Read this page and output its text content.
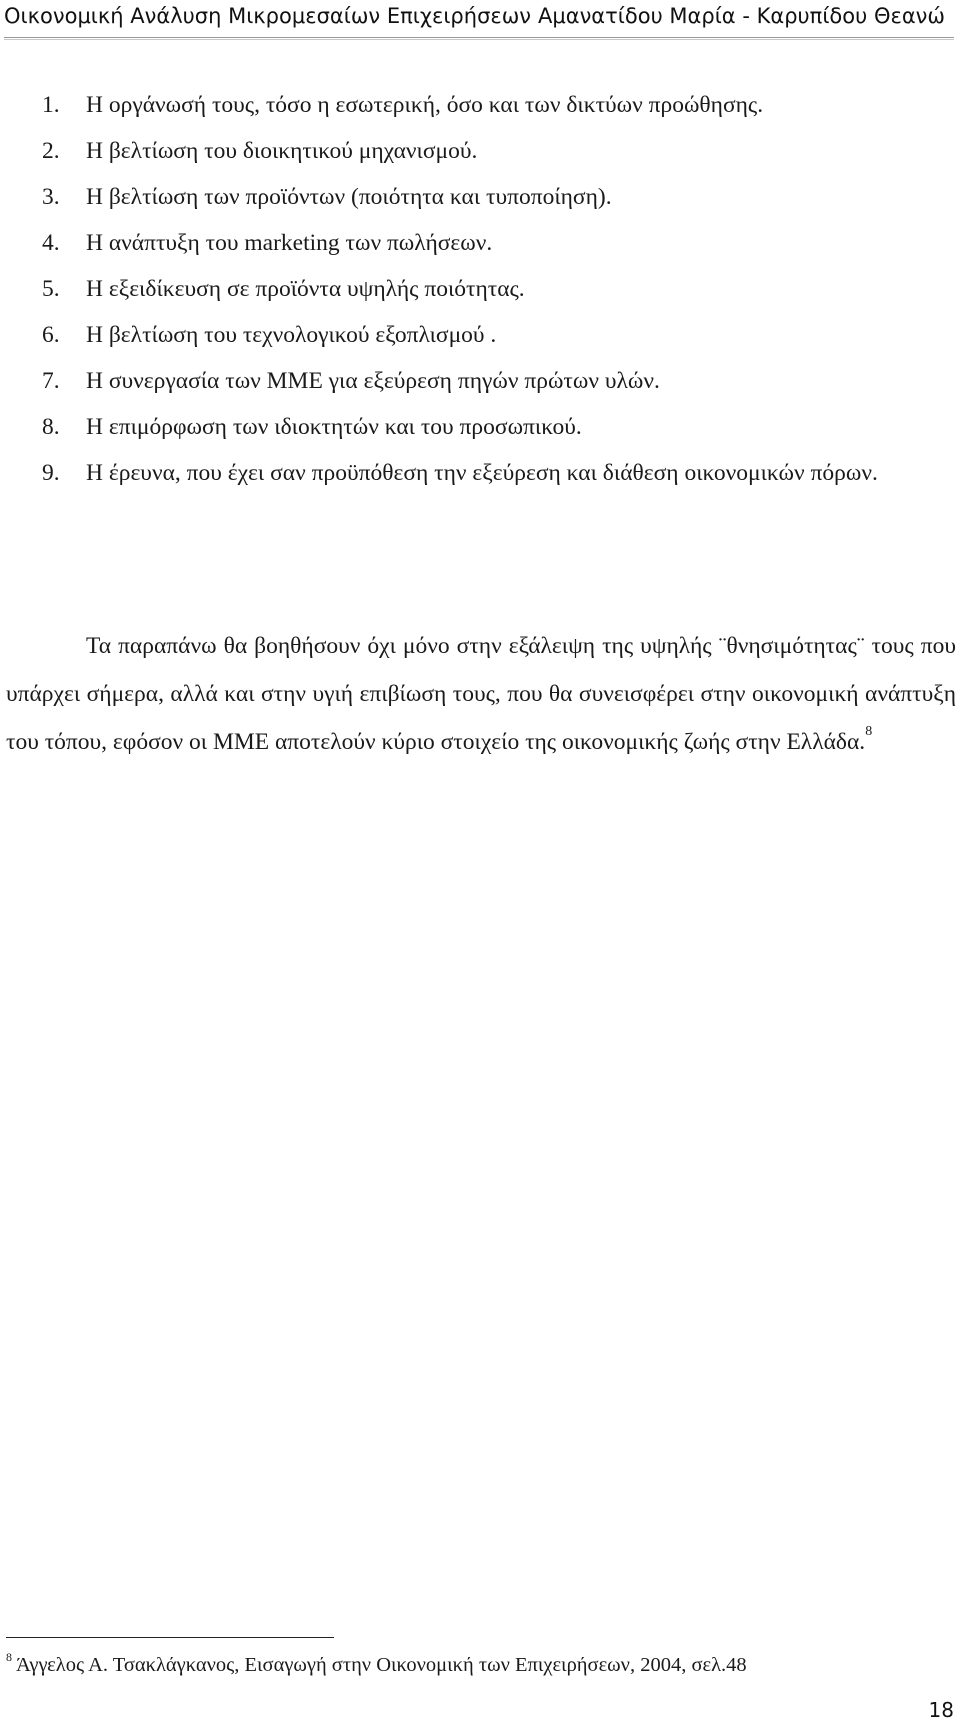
Οικονομική Ανάλυση Μικρομεσαίων Επιχειρήσεων Αμανατίδου Μαρία - Καρυπίδου Θεανώ
1. Η οργάνωσή τους, τόσο η εσωτερική, όσο και των δικτύων προώθησης.
2. Η βελτίωση του διοικητικού μηχανισμού.
3. Η βελτίωση των προϊόντων (ποιότητα και τυποποίηση).
4. Η ανάπτυξη του marketing των πωλήσεων.
5. Η εξειδίκευση σε προϊόντα υψηλής ποιότητας.
6. Η βελτίωση του τεχνολογικού εξοπλισμού .
7. Η συνεργασία των ΜΜΕ για εξεύρεση πηγών πρώτων υλών.
8. Η επιμόρφωση των ιδιοκτητών και του προσωπικού.
9. Η έρευνα, που έχει σαν προϋπόθεση την εξεύρεση και διάθεση οικονομικών πόρων.

Τα παραπάνω θα βοηθήσουν όχι μόνο στην εξάλειψη της υψηλής ¨θνησιμότητας¨ τους που υπάρχει σήμερα, αλλά και στην υγιή επιβίωση τους, που θα συνεισφέρει στην οικονομική ανάπτυξη του τόπου, εφόσον οι ΜΜΕ αποτελούν κύριο στοιχείο της οικονομικής ζωής στην Ελλάδα.$^8$

$^8$ Άγγελος Α. Τσακλάγκανος, Εισαγωγή στην Οικονομική των Επιχειρήσεων, 2004, σελ.48
18
